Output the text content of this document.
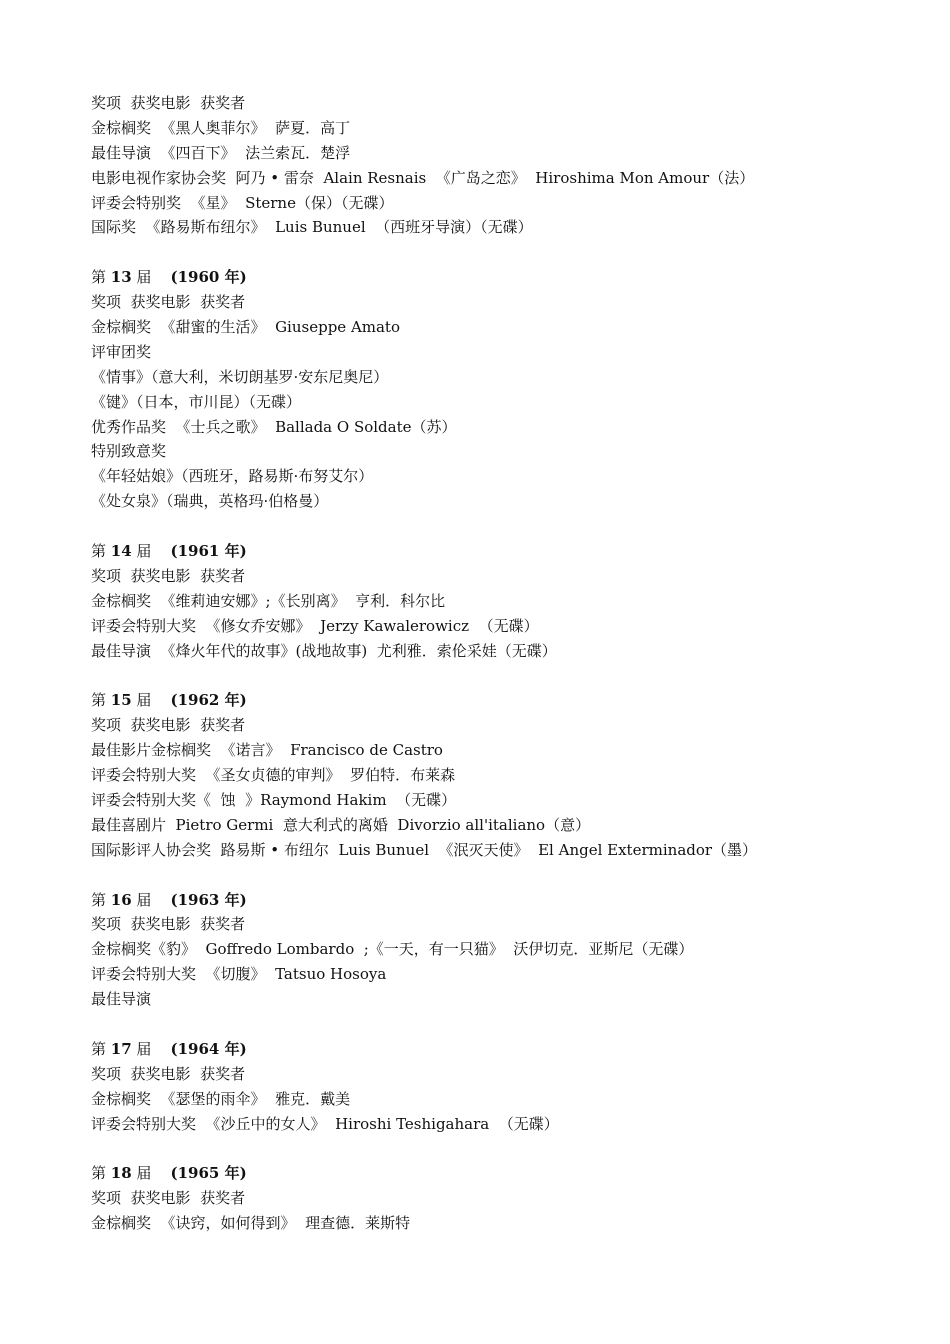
奖项  获奖电影  获奖者
金棕榈奖  《黑人奥菲尔》  萨夏．高丁
最佳导演  《四百下》  法兰索瓦．楚浮
电影电视作家协会奖  阿乃 • 雷奈  Alain Resnais  《广岛之恋》  Hiroshima Mon Amour（法）
评委会特别奖  《星》  Sterne（保）（无碟）
国际奖  《路易斯布纽尔》  Luis Bunuel  （西班牙导演）（无碟）
第 13 届    (1960 年)
奖项  获奖电影  获奖者
金棕榈奖  《甜蜜的生活》  Giuseppe Amato
评审团奖
《情事》（意大利，米切朗基罗·安东尼奥尼）
《键》（日本，市川昆）（无碟）
优秀作品奖  《士兵之歌》  Ballada O Soldate（苏）
特别致意奖
《年轻姑娘》（西班牙，路易斯·布努艾尔）
《处女泉》（瑞典，英格玛·伯格曼）
第 14 届    (1961 年)
奖项  获奖电影  获奖者
金棕榈奖  《维莉迪安娜》;《长别离》  亨利．科尔比
评委会特别大奖  《修女乔安娜》  Jerzy Kawalerowicz  （无碟）
最佳导演  《烽火年代的故事》(战地故事)  尤利雅．索伦采娃（无碟）
第 15 届    (1962 年)
奖项  获奖电影  获奖者
最佳影片金棕榈奖  《诺言》  Francisco de Castro
评委会特别大奖  《圣女贞德的审判》  罗伯特．布莱森
评委会特别大奖《  蚀  》Raymond Hakim  （无碟）
最佳喜剧片  Pietro Germi  意大利式的离婚  Divorzio all'italiano（意）
国际影评人协会奖  路易斯 • 布纽尔  Luis Bunuel  《泯灭天使》  El Angel Exterminador（墨）
第 16 届    (1963 年)
奖项  获奖电影  获奖者
金棕榈奖《豹》  Goffredo Lombardo  ;《一天，有一只猫》  沃伊切克．亚斯尼（无碟）
评委会特别大奖  《切腹》  Tatsuo Hosoya
最佳导演
第 17 届    (1964 年)
奖项  获奖电影  获奖者
金棕榈奖  《瑟堡的雨伞》  雅克．戴美
评委会特别大奖  《沙丘中的女人》  Hiroshi Teshigahara  （无碟）
第 18 届    (1965 年)
奖项  获奖电影  获奖者
金棕榈奖  《诀窍，如何得到》  理查德．莱斯特
